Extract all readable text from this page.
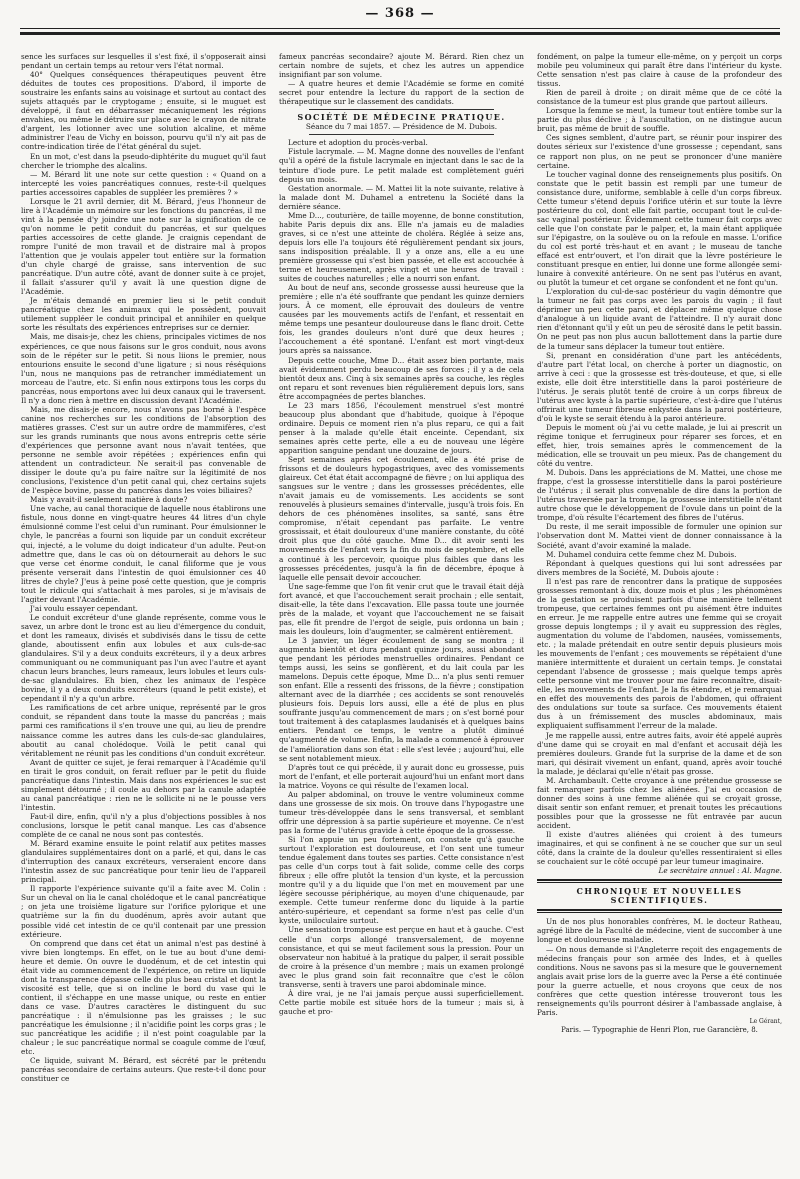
— 368 —

sence les surfaces sur lesquelles il s'est fixé, il s'opposerait ainsi pendant un certain temps au retour vers l'état normal.

40° Quelques conséquences thérapeutiques peuvent être déduites de toutes ces propositions. D'abord, il importe de soustraire les enfants sains au voisinage et surtout au contact des sujets attaqués par le cryptogame ; ensuite, si le muguet est développé, il faut en débarrasser mécaniquement les régions envahies, ou même le détruire sur place avec le crayon de nitrate d'argent, les lotionner avec une solution alcaline, et même administrer l'eau de Vichy en boisson, pourvu qu'il n'y ait pas de contre-indication tirée de l'état général du sujet.

En un mot, c'est dans la pseudo-diphtérite du muguet qu'il faut chercher le triomphe des alcalins.

— M. Bérard lit une note sur cette question : « Quand on a intercepté les voies pancréatiques connues, reste-t-il quelques parties accessoires capables de suppléer les premières ? »

Lorsque le 21 avril dernier, dit M. Bérard, j'eus l'honneur de lire à l'Académie un mémoire sur les fonctions du pancréas, il me vint à la pensée d'y joindre une note sur la signification de ce qu'on nomme le petit conduit du pancréas, et sur quelques parties accessoires de cette glande. Je craignis cependant de rompre l'unité de mon travail et de distraire mal à propos l'attention que je voulais appeler tout entière sur la formation d'un chyle chargé de graisse, sans intervention de suc pancréatique. D'un autre côté, avant de donner suite à ce projet, il fallait s'assurer qu'il y avait là une question digne de l'Académie.

Je m'étais demandé en premier lieu si le petit conduit pancréatique chez les animaux qui le possèdent, pouvait utilement suppléer le conduit principal et annihiler en quelque sorte les résultats des expériences entreprises sur ce dernier.

Mais, me disais-je, chez les chiens, principales victimes de nos expériences, ce que nous faisons sur le gros conduit, nous avons soin de le répéter sur le petit. Si nous liions le premier, nous entourions ensuite le second d'une ligature ; si nous réséquions l'un, nous ne manquions pas de retrancher immédiatement un morceau de l'autre, etc. Si enfin nous extirpons tous les corps du pancréas, nous emportons avec lui deux canaux qui le traversent. Il n'y a donc rien à mettre en discussion devant l'Académie.

Mais, me disais-je encore, nous n'avons pas borné à l'espèce canine nos recherches sur les conditions de l'absorption des matières grasses. C'est sur un autre ordre de mammifères, c'est sur les grands ruminants que nous avons entrepris cette série d'expériences que personne avant nous n'avait tentées, que personne ne semble avoir répétées ; expériences enfin qui attendent un contradicteur. Ne serait-il pas convenable de dissiper le doute qu'a pu faire naître sur la légitimité de nos conclusions, l'existence d'un petit canal qui, chez certains sujets de l'espèce bovine, passe du pancréas dans les voies biliaires?

Mais y avait-il seulement matière à doute?

Une vache, au canal thoracique de laquelle nous établirons une fistule, nous donne en vingt-quatre heures 44 litres d'un chyle émulsionné comme l'est celui d'un ruminant. Pour émulsionner le chyle, le pancréas a fourni son liquide par un conduit excréteur qui, injecté, a le volume du doigt indicateur d'un adulte. Peut-on admettre que, dans le cas où on détournerait au dehors le suc que verse cet énorme conduit, le canal filiforme que je vous présente verserait dans l'intestin de quoi émulsionner ces 40 litres de chyle? J'eus à peine posé cette question, que je compris tout le ridicule qui s'attachait à mes paroles, si je m'avisais de l'agiter devant l'Académie.

J'ai voulu essayer cependant.

Le conduit excréteur d'une glande représente, comme vous le savez, un arbre dont le tronc est au lieu d'émergence du conduit, et dont les rameaux, divisés et subdivisés dans le tissu de cette glande, aboutissent enfin aux lobules et aux culs-de-sac glandulaires. S'il y a deux conduits excréteurs, il y a deux arbres communiquant ou ne communiquant pas l'un avec l'autre et ayant chacun leurs branches, leurs rameaux, leurs lobules et leurs culs-de-sac glandulaires. Eh bien, chez les animaux de l'espèce bovine, il y a deux conduits excréteurs (quand le petit existe), et cependant il n'y a qu'un arbre.

Les ramifications de cet arbre unique, représenté par le gros conduit, se répandent dans toute la masse du pancréas ; mais parmi ces ramifications il s'en trouve une qui, au lieu de prendre naissance comme les autres dans les culs-de-sac glandulaires, aboutit au canal cholédoque. Voilà le petit canal qui véritablement ne réunit pas les conditions d'un conduit excréteur.

Avant de quitter ce sujet, je ferai remarquer à l'Académie qu'il en tirait le gros conduit, on ferait refluer par le petit du fluide pancréatique dans l'intestin. Mais dans nos expériences le suc est simplement détourné ; il coule au dehors par la canule adaptée au canal pancréatique : rien ne le sollicite ni ne le pousse vers l'intestin.

Faut-il dire, enfin, qu'il n'y a plus d'objections possibles à nos conclusions, lorsque le petit canal manque. Les cas d'absence complète de ce canal ne nous sont pas contestés.

M. Bérard examine ensuite le point relatif aux petites masses glandulaires supplémentaires dont on a parlé, et qui, dans le cas d'interruption des canaux excréteurs, verseraient encore dans l'intestin assez de suc pancréatique pour tenir lieu de l'appareil principal.

Il rapporte l'expérience suivante qu'il a faite avec M. Colin : Sur un cheval on lia le canal cholédoque et le canal pancréatique ; on jeta une troisième ligature sur l'orifice pylorique et une quatrième sur la fin du duodénum, après avoir autant que possible vidé cet intestin de ce qu'il contenait par une pression extérieure.

On comprend que dans cet état un animal n'est pas destiné à vivre bien longtemps. En effet, on le tue au bout d'une demi-heure et demie. On ouvre le duodénum, et de cet intestin qui était vide au commencement de l'expérience, on retire un liquide dont la transparence dépasse celle du plus beau cristal et dont la viscosité est telle, que si on incline le bord du vase qui le contient, il s'échappe en une masse unique, ou reste en entier dans ce vase. D'autres caractères le distinguent du suc pancréatique : il n'émulsionne pas les graisses ; le suc pancréatique les émulsionne ; il n'acidifie point les corps gras ; le suc pancréatique les acidifie ; il n'est point coagulable par la chaleur ; le suc pancréatique normal se coagule comme de l'œuf, etc.

Ce liquide, suivant M. Bérard, est sécrété par le prétendu pancréas secondaire de certains auteurs. Que reste-t-il donc pour constituer ce

fameux pancréas secondaire? ajoute M. Bérard. Rien chez un certain nombre de sujets, et chez les autres un appendice insignifiant par son volume.

— A quatre heures et demie l'Académie se forme en comité secret pour entendre la lecture du rapport de la section de thérapeutique sur le classement des candidats.

SOCIÉTÉ DE MÉDECINE PRATIQUE.

Séance du 7 mai 1857. — Présidence de M. Dubois.

Lecture et adoption du procès-verbal.

Fistule lacrymale. — M. Magne donne des nouvelles de l'enfant qu'il a opéré de la fistule lacrymale en injectant dans le sac de la teinture d'iode pure. Le petit malade est complètement guéri depuis un mois.

Gestation anormale. — M. Mattei lit la note suivante, relative à la malade dont M. Duhamel a entretenu la Société dans la dernière séance.

Mme D..., couturière, de taille moyenne, de bonne constitution, habite Paris depuis dix ans. Elle n'a jamais eu de maladies graves, si ce n'est une atteinte de choléra. Réglée à seize ans, depuis lors elle l'a toujours été régulièrement pendant six jours, sans indisposition préalable. Il y a onze ans, elle a eu une première grossesse qui s'est bien passée, et elle est accouchée à terme et heureusement, après vingt et une heures de travail : suites de couches naturelles ; elle a nourri son enfant.

Au bout de neuf ans, seconde grossesse aussi heureuse que la première ; elle n'a été souffrante que pendant les quinze derniers jours. À ce moment, elle éprouvait des douleurs de ventre causées par les mouvements actifs de l'enfant, et ressentait en même temps une pesanteur douloureuse dans le flanc droit. Cette fois, les grandes douleurs n'ont duré que deux heures ; l'accouchement a été spontané. L'enfant est mort vingt-deux jours après sa naissance.

Depuis cette couche, Mme D... était assez bien portante, mais avait évidemment perdu beaucoup de ses forces ; il y a de cela bientôt deux ans. Cinq à six semaines après sa couche, les règles ont reparu et sont revenues bien régulièrement depuis lors, sans être accompagnées de pertes blanches.

Le 23 mars 1856, l'écoulement menstruel s'est montré beaucoup plus abondant que d'habitude, quoique à l'époque ordinaire. Depuis ce moment rien n'a plus reparu, ce qui a fait penser à la malade qu'elle était enceinte. Cependant, six semaines après cette perte, elle a eu de nouveau une légère apparition sanguine pendant une douzaine de jours.

Sept semaines après cet écoulement, elle a été prise de frissons et de douleurs hypogastriques, avec des vomissements glaireux. Cet état était accompagné de fièvre ; on lui appliqua des sangsues sur le ventre ; dans les grossesses précédentes, elle n'avait jamais eu de vomissements. Les accidents se sont renouvelés à plusieurs semaines d'intervalle, jusqu'à trois fois. En dehors de ces phénomènes insolites, sa santé, sans être compromise, n'était cependant pas parfaite. Le ventre grossissait, et était douloureux d'une manière constante, du côté droit plus que du côté gauche. Mme D... dit avoir senti les mouvements de l'enfant vers la fin du mois de septembre, et elle a continué à les percevoir, quoique plus faibles que dans les grossesses précédentes, jusqu'à la fin de décembre, époque à laquelle elle pensait devoir accoucher.

Une sage-femme que l'on fit venir crut que le travail était déjà fort avancé, et que l'accouchement serait prochain ; elle sentait, disait-elle, la tête dans l'excavation. Elle passa toute une journée près de la malade, et voyant que l'accouchement ne se faisait pas, elle fit prendre de l'ergot de seigle, puis ordonna un bain ; mais les douleurs, loin d'augmenter, se calmèrent entièrement.

Le 3 janvier, un léger écoulement de sang se montra ; il augmenta bientôt et dura pendant quinze jours, aussi abondant que pendant les périodes menstruelles ordinaires. Pendant ce temps aussi, les seins se gonflèrent, et du lait coula par les mamelons. Depuis cette époque, Mme D... n'a plus senti remuer son enfant. Elle a ressenti des frissons, de la fièvre ; constipation alternant avec de la diarrhée ; ces accidents se sont renouvelés plusieurs fois. Depuis lors aussi, elle a été de plus en plus souffrante jusqu'au commencement de mars ; on s'est borné pour tout traitement à des cataplasmes laudanisés et à quelques bains entiers. Pendant ce temps, le ventre a plutôt diminué qu'augmenté de volume. Enfin, la malade a commencé à éprouver de l'amélioration dans son état : elle s'est levée ; aujourd'hui, elle se sent notablement mieux.

D'après tout ce qui précède, il y aurait donc eu grossesse, puis mort de l'enfant, et elle porterait aujourd'hui un enfant mort dans la matrice. Voyons ce qui résulte de l'examen local.

Au palper abdominal, on trouve le ventre volumineux comme dans une grossesse de six mois. On trouve dans l'hypogastre une tumeur très-développée dans le sens transversal, et semblant offrir une dépression à sa partie supérieure et moyenne. Ce n'est pas la forme de l'utérus gravide à cette époque de la grossesse.

Si l'on appuie un peu fortement, on constate qu'à gauche surtout l'exploration est douloureuse, et l'on sent une tumeur tendue également dans toutes ses parties. Cette consistance n'est pas celle d'un corps tout à fait solide, comme celle des corps fibreux ; elle offre plutôt la tension d'un kyste, et la percussion montre qu'il y a du liquide que l'on met en mouvement par une légère secousse périphérique, au moyen d'une chiquenaude, par exemple. Cette tumeur renferme donc du liquide à la partie antéro-supérieure, et cependant sa forme n'est pas celle d'un kyste, uniloculaire surtout.

Une sensation trompeuse est perçue en haut et à gauche. C'est celle d'un corps allongé transversalement, de moyenne consistance, et qui se meut facilement sous la pression. Pour un observateur non habitué à la pratique du palper, il serait possible de croire à la présence d'un membre ; mais un examen prolongé avec le plus grand soin fait reconnaître que c'est le côlon transverse, senti à travers une paroi abdominale mince.

À dire vrai, je ne l'ai jamais perçue aussi superficiellement. Cette partie mobile est située hors de la tumeur ; mais si, à gauche et pro-

fondément, on palpe la tumeur elle-même, on y perçoit un corps mobile peu volumineux qui paraît être dans l'intérieur du kyste. Cette sensation n'est pas claire à cause de la profondeur des tissus.

Rien de pareil à droite ; on dirait même que de ce côté la consistance de la tumeur est plus grande que partout ailleurs.

Lorsque la femme se meut, la tumeur tout entière tombe sur la partie du plus déclive ; à l'auscultation, on ne distingue aucun bruit, pas même de bruit de souffle.

Ces signes semblent, d'autre part, se réunir pour inspirer des doutes sérieux sur l'existence d'une grossesse ; cependant, sans ce rapport non plus, on ne peut se prononcer d'une manière certaine.

Le toucher vaginal donne des renseignements plus positifs. On constate que le petit bassin est rempli par une tumeur de consistance dure, uniforme, semblable à celle d'un corps fibreux. Cette tumeur s'étend depuis l'orifice utérin et sur toute la lèvre postérieure du col, dont elle fait partie, occupant tout le cul-de-sac vaginal postérieur. Évidemment cette tumeur fait corps avec celle que l'on constate par le palper, et, la main étant appliquée sur l'épigastre, on la soulève ou on la refoule en masse. L'orifice du col est porté très-haut et en avant ; le museau de tanche effacé est entr'ouvert, et l'on dirait que la lèvre postérieure le constituant presque en entier, lui donne une forme allongée semi-lunaire à convexité antérieure. On ne sent pas l'utérus en avant, ou plutôt la tumeur et cet organe se confondent et ne font qu'un.

L'exploration du cul-de-sac postérieur du vagin démontre que la tumeur ne fait pas corps avec les parois du vagin ; il faut déprimer un peu cette paroi, et déplacer même quelque chose d'analogue à un liquide avant de l'atteindre. Il n'y aurait donc rien d'étonnant qu'il y eût un peu de sérosité dans le petit bassin. On ne peut pas non plus aucun ballottement dans la partie dure de la tumeur sans déplacer la tumeur tout entière.

Si, prenant en considération d'une part les antécédents, d'autre part l'état local, on cherche à porter un diagnostic, on arrive à ceci : que la grossesse est très-douteuse, et que, si elle existe, elle doit être interstitielle dans la paroi postérieure de l'utérus. Je serais plutôt tenté de croire à un corps fibreux de l'utérus avec kyste à la partie supérieure, c'est-à-dire que l'utérus offrirait une tumeur fibreuse enkystée dans la paroi postérieure, d'où le kyste se serait étendu à la paroi antérieure.

Depuis le moment où j'ai vu cette malade, je lui ai prescrit un régime tonique et ferrugineux pour réparer ses forces, et en effet, hier, trois semaines après le commencement de la médication, elle se trouvait un peu mieux. Pas de changement du côté du ventre.

M. Dubois. Dans les appréciations de M. Mattei, une chose me frappe, c'est la grossesse interstitielle dans la paroi postérieure de l'utérus ; il serait plus convenable de dire dans la portion de l'utérus traversée par la trompe, la grossesse interstitielle n'étant autre chose que le développement de l'ovule dans un point de la trompe, d'où résulte l'écartement des fibres de l'utérus.

Du reste, il me serait impossible de formuler une opinion sur l'observation dont M. Mattei vient de donner connaissance à la Société, avant d'avoir examiné la malade.

M. Duhamel conduira cette femme chez M. Dubois.

Répondant à quelques questions qui lui sont adressées par divers membres de la Société, M. Dubois ajoute :

Il n'est pas rare de rencontrer dans la pratique de supposées grossesses remontant à dix, douze mois et plus ; les phénomènes de la gestation se produisent parfois d'une manière tellement trompeuse, que certaines femmes ont pu aisément être induites en erreur. Je me rappelle entre autres une femme qui se croyait grosse depuis longtemps ; il y avait eu suppression des règles, augmentation du volume de l'abdomen, nausées, vomissements, etc. ; la malade prétendait en outre sentir depuis plusieurs mois les mouvements de l'enfant ; ces mouvements se répétaient d'une manière intermittente et duraient un certain temps. Je constatai cependant l'absence de grossesse ; mais quelque temps après cette personne vint me trouver pour me faire reconnaître, disait-elle, les mouvements de l'enfant. Je la fis étendre, et je remarquai en effet des mouvements des parois de l'abdomen, qui offraient des ondulations sur toute sa surface. Ces mouvements étaient dus à un frémissement des muscles abdominaux, mais expliquaient suffisamment l'erreur de la malade.

Je me rappelle aussi, entre autres faits, avoir été appelé auprès d'une dame qui se croyait en mal d'enfant et accusait déjà les premières douleurs. Grande fut la surprise de la dame et de son mari, qui désirait vivement un enfant, quand, après avoir touché la malade, je déclarai qu'elle n'était pas grosse.

M. Archambault. Cette croyance à une prétendue grossesse se fait remarquer parfois chez les aliénées. J'ai eu occasion de donner des soins à une femme aliénée qui se croyait grosse, disait sentir son enfant remuer, et prenait toutes les précautions possibles pour que la grossesse ne fût entravée par aucun accident.

Il existe d'autres aliénées qui croient à des tumeurs imaginaires, et qui se confinent à ne se coucher que sur un seul côté, dans la crainte de la douleur qu'elles ressentiraient si elles se couchaient sur le côté occupé par leur tumeur imaginaire.

Le secrétaire annuel : Al. Magne.

CHRONIQUE ET NOUVELLES SCIENTIFIQUES.

Un de nos plus honorables confrères, M. le docteur Ratheau, agrégé libre de la Faculté de médecine, vient de succomber à une longue et douloureuse maladie.

— On nous demande si l'Angleterre reçoit des engagements de médecins français pour son armée des Indes, et à quelles conditions. Nous ne savons pas si la mesure que le gouvernement anglais avait prise lors de la guerre avec la Perse a été continuée pour la guerre actuelle, et nous croyons que ceux de nos confrères que cette question intéresse trouveront tous les renseignements qu'ils pourront désirer à l'ambassade anglaise, à Paris.

Le Gérant,

Paris. — Typographie de Henri Plon, rue Garancière, 8.
